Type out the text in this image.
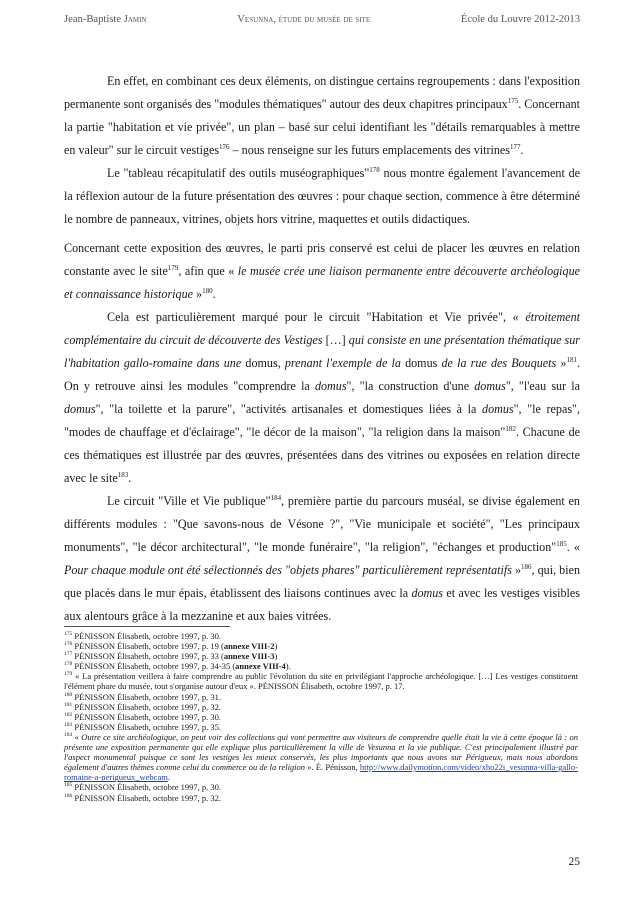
Jean-Baptiste Jamin	Vesunna, étude du musée de site	École du Louvre 2012-2013

En effet, en combinant ces deux éléments, on distingue certains regroupements : dans l'exposition permanente sont organisés des "modules thématiques" autour des deux chapitres principaux$^{175}$. Concernant la partie "habitation et vie privée", un plan – basé sur celui identifiant les "détails remarquables à mettre en valeur" sur le circuit vestiges$^{176}$ – nous renseigne sur les futurs emplacements des vitrines$^{177}$.

Le "tableau récapitulatif des outils muséographiques"$^{178}$ nous montre également l'avancement de la réflexion autour de la future présentation des œuvres : pour chaque section, commence à être déterminé le nombre de panneaux, vitrines, objets hors vitrine, maquettes et outils didactiques.

Concernant cette exposition des œuvres, le parti pris conservé est celui de placer les œuvres en relation constante avec le site$^{179}$, afin que « le musée crée une liaison permanente entre découverte archéologique et connaissance historique »$^{180}$.

Cela est particulièrement marqué pour le circuit "Habitation et Vie privée", « étroitement complémentaire du circuit de découverte des Vestiges […] qui consiste en une présentation thématique sur l'habitation gallo-romaine dans une domus, prenant l'exemple de la domus de la rue des Bouquets »$^{181}$. On y retrouve ainsi les modules "comprendre la domus", "la construction d'une domus", "l'eau sur la domus", "la toilette et la parure", "activités artisanales et domestiques liées à la domus", "le repas", "modes de chauffage et d'éclairage", "le décor de la maison", "la religion dans la maison"$^{182}$. Chacune de ces thématiques est illustrée par des œuvres, présentées dans des vitrines ou exposées en relation directe avec le site$^{183}$.

Le circuit "Ville et Vie publique"$^{184}$, première partie du parcours muséal, se divise également en différents modules : "Que savons-nous de Vésone ?", "Vie municipale et société", "Les principaux monuments", "le décor architectural", "le monde funéraire", "la religion", "échanges et production"$^{185}$. « Pour chaque module ont été sélectionnés des "objets phares" particulièrement représentatifs »$^{186}$, qui, bien que placés dans le mur épais, établissent des liaisons continues avec la domus et avec les vestiges visibles aux alentours grâce à la mezzanine et aux baies vitrées.

$^{175}$ PÉNISSON Élisabeth, octobre 1997, p. 30.
$^{176}$ PÉNISSON Élisabeth, octobre 1997, p. 19 (annexe VIII-2)
$^{177}$ PÉNISSON Élisabeth, octobre 1997, p. 33 (annexe VIII-3)
$^{178}$ PÉNISSON Élisabeth, octobre 1997, p. 34-35 (annexe VIII-4).
$^{179}$ « La présentation veillera à faire comprendre au public l'évolution du site en privilégiant l'approche archéologique. […] Les vestiges constituent l'élément phare du musée, tout s'organise autour d'eux ». PÉNISSON Élisabeth, octobre 1997, p. 17.
$^{180}$ PÉNISSON Élisabeth, octobre 1997, p. 31.
$^{181}$ PÉNISSON Élisabeth, octobre 1997, p. 32.
$^{182}$ PÉNISSON Élisabeth, octobre 1997, p. 30.
$^{183}$ PÉNISSON Élisabeth, octobre 1997, p. 35.
$^{184}$ « Outre ce site archéologique, on peut voir des collections qui vont permettre aux visiteurs de comprendre quelle était la vie à cette époque là : on présente une exposition permanente qui elle explique plus particulièrement la ville de Vesunna et la vie publique. C'est principalement illustré par l'aspect monumental puisque ce sont les vestiges les mieux conservés, les plus importants que nous avons sur Périgueux, mais nous abordons également d'autres thèmes comme celui du commerce ou de la religion ». É. Pénisson, http://www.dailymotion.com/video/xho22i_vesunna-villa-gallo-romaine-a-perigueux_webcam.
$^{185}$ PÉNISSON Élisabeth, octobre 1997, p. 30.
$^{186}$ PÉNISSON Élisabeth, octobre 1997, p. 32.
25
